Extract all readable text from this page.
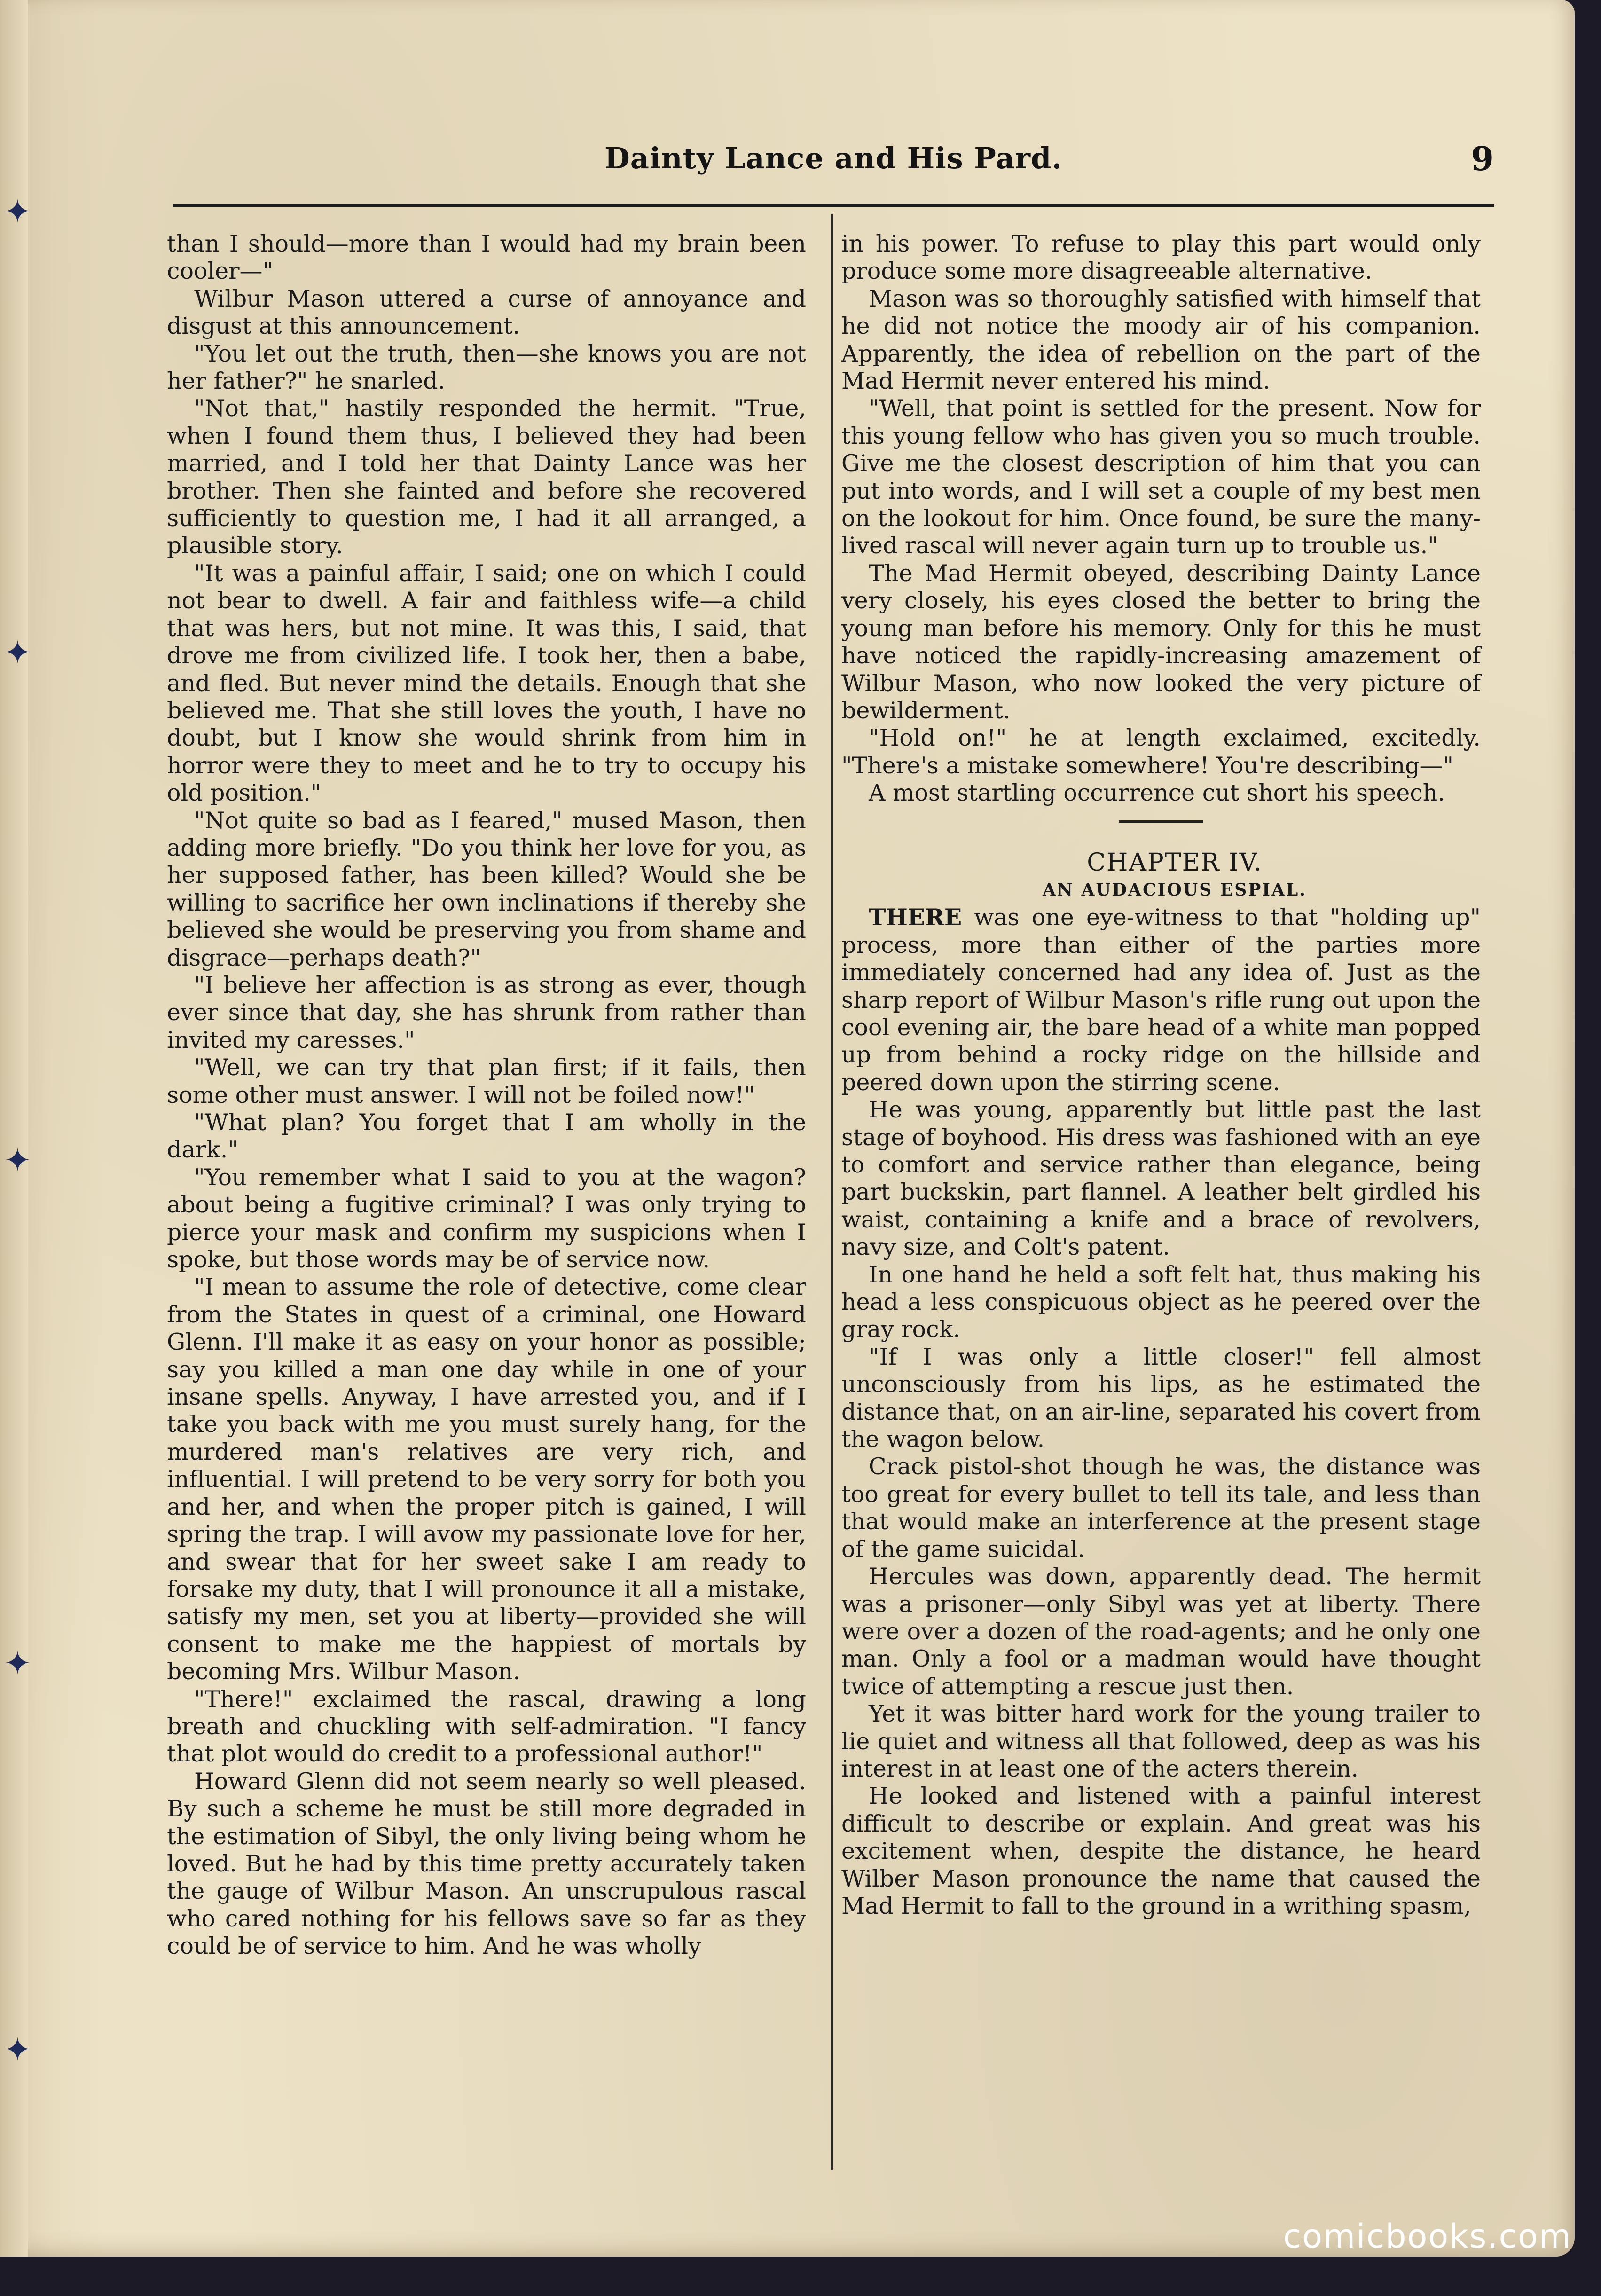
✦
✦
✦
✦
✦
Dainty Lance and His Pard.	9

than I should—more than I would had my brain been cooler—"

Wilbur Mason uttered a curse of annoyance and disgust at this announcement.

"You let out the truth, then—she knows you are not her father?" he snarled.

"Not that," hastily responded the hermit. "True, when I found them thus, I believed they had been married, and I told her that Dainty Lance was her brother. Then she fainted and before she recovered sufficiently to question me, I had it all arranged, a plausible story.

"It was a painful affair, I said; one on which I could not bear to dwell. A fair and faithless wife—a child that was hers, but not mine. It was this, I said, that drove me from civilized life. I took her, then a babe, and fled. But never mind the details. Enough that she believed me. That she still loves the youth, I have no doubt, but I know she would shrink from him in horror were they to meet and he to try to occupy his old position."

"Not quite so bad as I feared," mused Mason, then adding more briefly. "Do you think her love for you, as her supposed father, has been killed? Would she be willing to sacrifice her own inclinations if thereby she believed she would be preserving you from shame and disgrace—perhaps death?"

"I believe her affection is as strong as ever, though ever since that day, she has shrunk from rather than invited my caresses."

"Well, we can try that plan first; if it fails, then some other must answer. I will not be foiled now!"

"What plan? You forget that I am wholly in the dark."

"You remember what I said to you at the wagon? about being a fugitive criminal? I was only trying to pierce your mask and confirm my suspicions when I spoke, but those words may be of service now.

"I mean to assume the role of detective, come clear from the States in quest of a criminal, one Howard Glenn. I'll make it as easy on your honor as possible; say you killed a man one day while in one of your insane spells. Anyway, I have arrested you, and if I take you back with me you must surely hang, for the murdered man's relatives are very rich, and influential. I will pretend to be very sorry for both you and her, and when the proper pitch is gained, I will spring the trap. I will avow my passionate love for her, and swear that for her sweet sake I am ready to forsake my duty, that I will pronounce it all a mistake, satisfy my men, set you at liberty—provided she will consent to make me the happiest of mortals by becoming Mrs. Wilbur Mason.

"There!" exclaimed the rascal, drawing a long breath and chuckling with self-admiration. "I fancy that plot would do credit to a professional author!"

Howard Glenn did not seem nearly so well pleased. By such a scheme he must be still more degraded in the estimation of Sibyl, the only living being whom he loved. But he had by this time pretty accurately taken the gauge of Wilbur Mason. An unscrupulous rascal who cared nothing for his fellows save so far as they could be of service to him. And he was wholly

in his power. To refuse to play this part would only produce some more disagreeable alternative.

Mason was so thoroughly satisfied with himself that he did not notice the moody air of his companion. Apparently, the idea of rebellion on the part of the Mad Hermit never entered his mind.

"Well, that point is settled for the present. Now for this young fellow who has given you so much trouble. Give me the closest description of him that you can put into words, and I will set a couple of my best men on the lookout for him. Once found, be sure the many-lived rascal will never again turn up to trouble us."

The Mad Hermit obeyed, describing Dainty Lance very closely, his eyes closed the better to bring the young man before his memory. Only for this he must have noticed the rapidly-increasing amazement of Wilbur Mason, who now looked the very picture of bewilderment.

"Hold on!" he at length exclaimed, excitedly. "There's a mistake somewhere! You're describing—"

A most startling occurrence cut short his speech.

CHAPTER IV.

AN AUDACIOUS ESPIAL.

THERE was one eye-witness to that "holding up" process, more than either of the parties more immediately concerned had any idea of. Just as the sharp report of Wilbur Mason's rifle rung out upon the cool evening air, the bare head of a white man popped up from behind a rocky ridge on the hillside and peered down upon the stirring scene.

He was young, apparently but little past the last stage of boyhood. His dress was fashioned with an eye to comfort and service rather than elegance, being part buckskin, part flannel. A leather belt girdled his waist, containing a knife and a brace of revolvers, navy size, and Colt's patent.

In one hand he held a soft felt hat, thus making his head a less conspicuous object as he peered over the gray rock.

"If I was only a little closer!" fell almost unconsciously from his lips, as he estimated the distance that, on an air-line, separated his covert from the wagon below.

Crack pistol-shot though he was, the distance was too great for every bullet to tell its tale, and less than that would make an interference at the present stage of the game suicidal.

Hercules was down, apparently dead. The hermit was a prisoner—only Sibyl was yet at liberty. There were over a dozen of the road-agents; and he only one man. Only a fool or a madman would have thought twice of attempting a rescue just then.

Yet it was bitter hard work for the young trailer to lie quiet and witness all that followed, deep as was his interest in at least one of the acters therein.

He looked and listened with a painful interest difficult to describe or explain. And great was his excitement when, despite the distance, he heard Wilber Mason pronounce the name that caused the Mad Hermit to fall to the ground in a writhing spasm,

comicbooks.com
